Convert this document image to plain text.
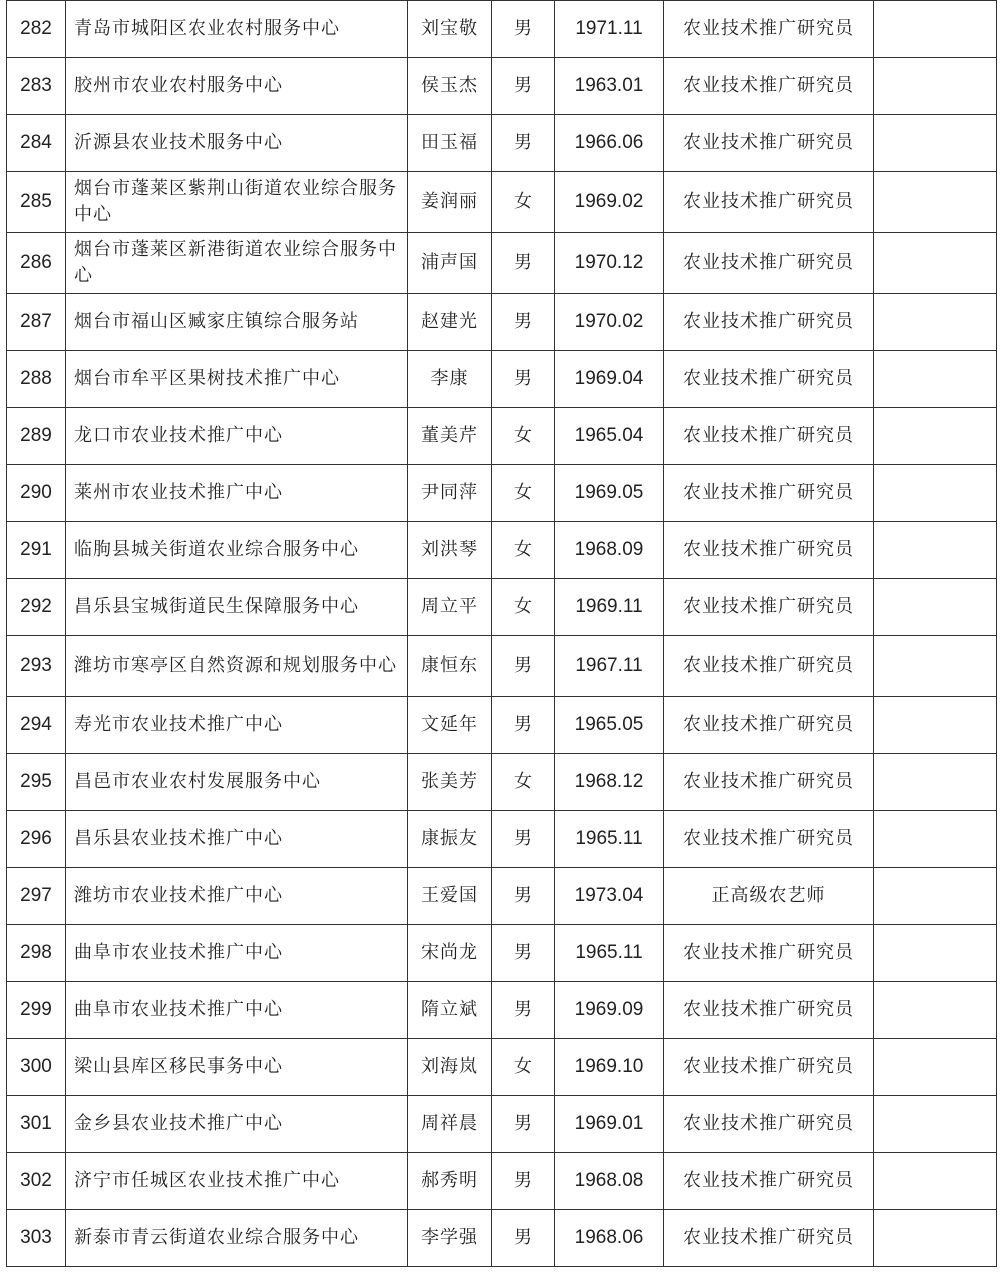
282	青岛市城阳区农业农村服务中心	刘宝敬	男	1971.11	农业技术推广研究员	
283	胶州市农业农村服务中心	侯玉杰	男	1963.01	农业技术推广研究员	
284	沂源县农业技术服务中心	田玉福	男	1966.06	农业技术推广研究员	
285	烟台市蓬莱区紫荆山街道农业综合服务中心	姜润丽	女	1969.02	农业技术推广研究员	
286	烟台市蓬莱区新港街道农业综合服务中心	浦声国	男	1970.12	农业技术推广研究员	
287	烟台市福山区臧家庄镇综合服务站	赵建光	男	1970.02	农业技术推广研究员	
288	烟台市牟平区果树技术推广中心	李康	男	1969.04	农业技术推广研究员	
289	龙口市农业技术推广中心	董美芹	女	1965.04	农业技术推广研究员	
290	莱州市农业技术推广中心	尹同萍	女	1969.05	农业技术推广研究员	
291	临朐县城关街道农业综合服务中心	刘洪琴	女	1968.09	农业技术推广研究员	
292	昌乐县宝城街道民生保障服务中心	周立平	女	1969.11	农业技术推广研究员	
293	潍坊市寒亭区自然资源和规划服务中心	康恒东	男	1967.11	农业技术推广研究员	
294	寿光市农业技术推广中心	文延年	男	1965.05	农业技术推广研究员	
295	昌邑市农业农村发展服务中心	张美芳	女	1968.12	农业技术推广研究员	
296	昌乐县农业技术推广中心	康振友	男	1965.11	农业技术推广研究员	
297	潍坊市农业技术推广中心	王爱国	男	1973.04	正高级农艺师	
298	曲阜市农业技术推广中心	宋尚龙	男	1965.11	农业技术推广研究员	
299	曲阜市农业技术推广中心	隋立斌	男	1969.09	农业技术推广研究员	
300	梁山县库区移民事务中心	刘海岚	女	1969.10	农业技术推广研究员	
301	金乡县农业技术推广中心	周祥晨	男	1969.01	农业技术推广研究员	
302	济宁市任城区农业技术推广中心	郝秀明	男	1968.08	农业技术推广研究员	
303	新泰市青云街道农业综合服务中心	李学强	男	1968.06	农业技术推广研究员	
